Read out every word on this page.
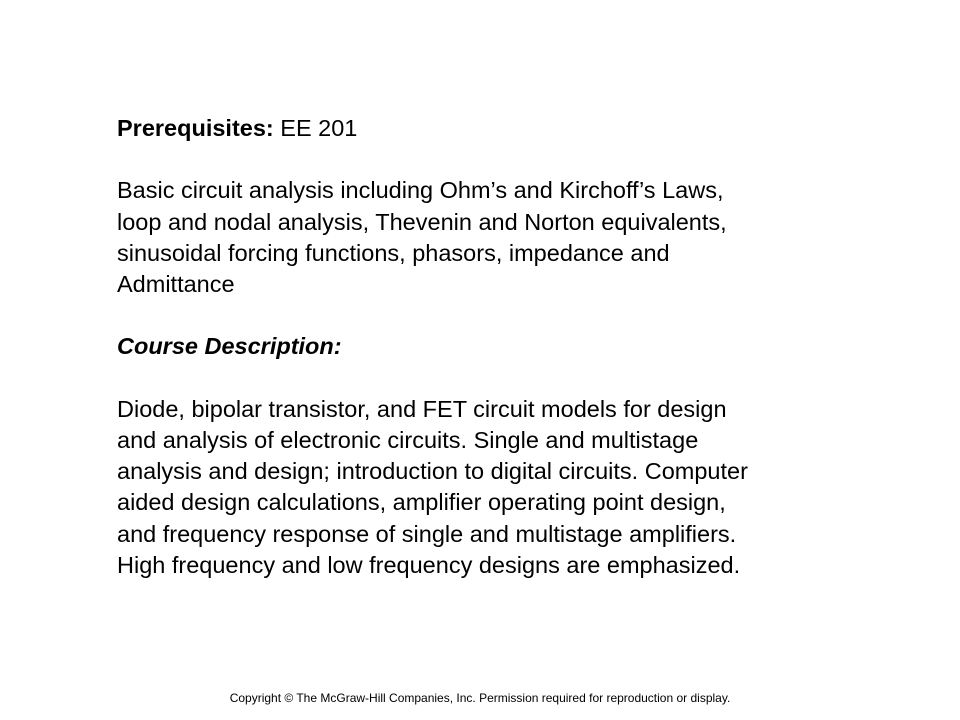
Prerequisites: EE 201

Basic circuit analysis including Ohm’s and Kirchoff’s Laws,

loop and nodal analysis, Thevenin and Norton equivalents,

sinusoidal forcing functions, phasors, impedance and

Admittance

Course Description:

Diode, bipolar transistor, and FET circuit models for design

and analysis of electronic circuits. Single and multistage

analysis and design; introduction to digital circuits. Computer

aided design calculations, amplifier operating point design,

and frequency response of single and multistage amplifiers.

High frequency and low frequency designs are emphasized.

Copyright © The McGraw-Hill Companies, Inc. Permission required for reproduction or display.
